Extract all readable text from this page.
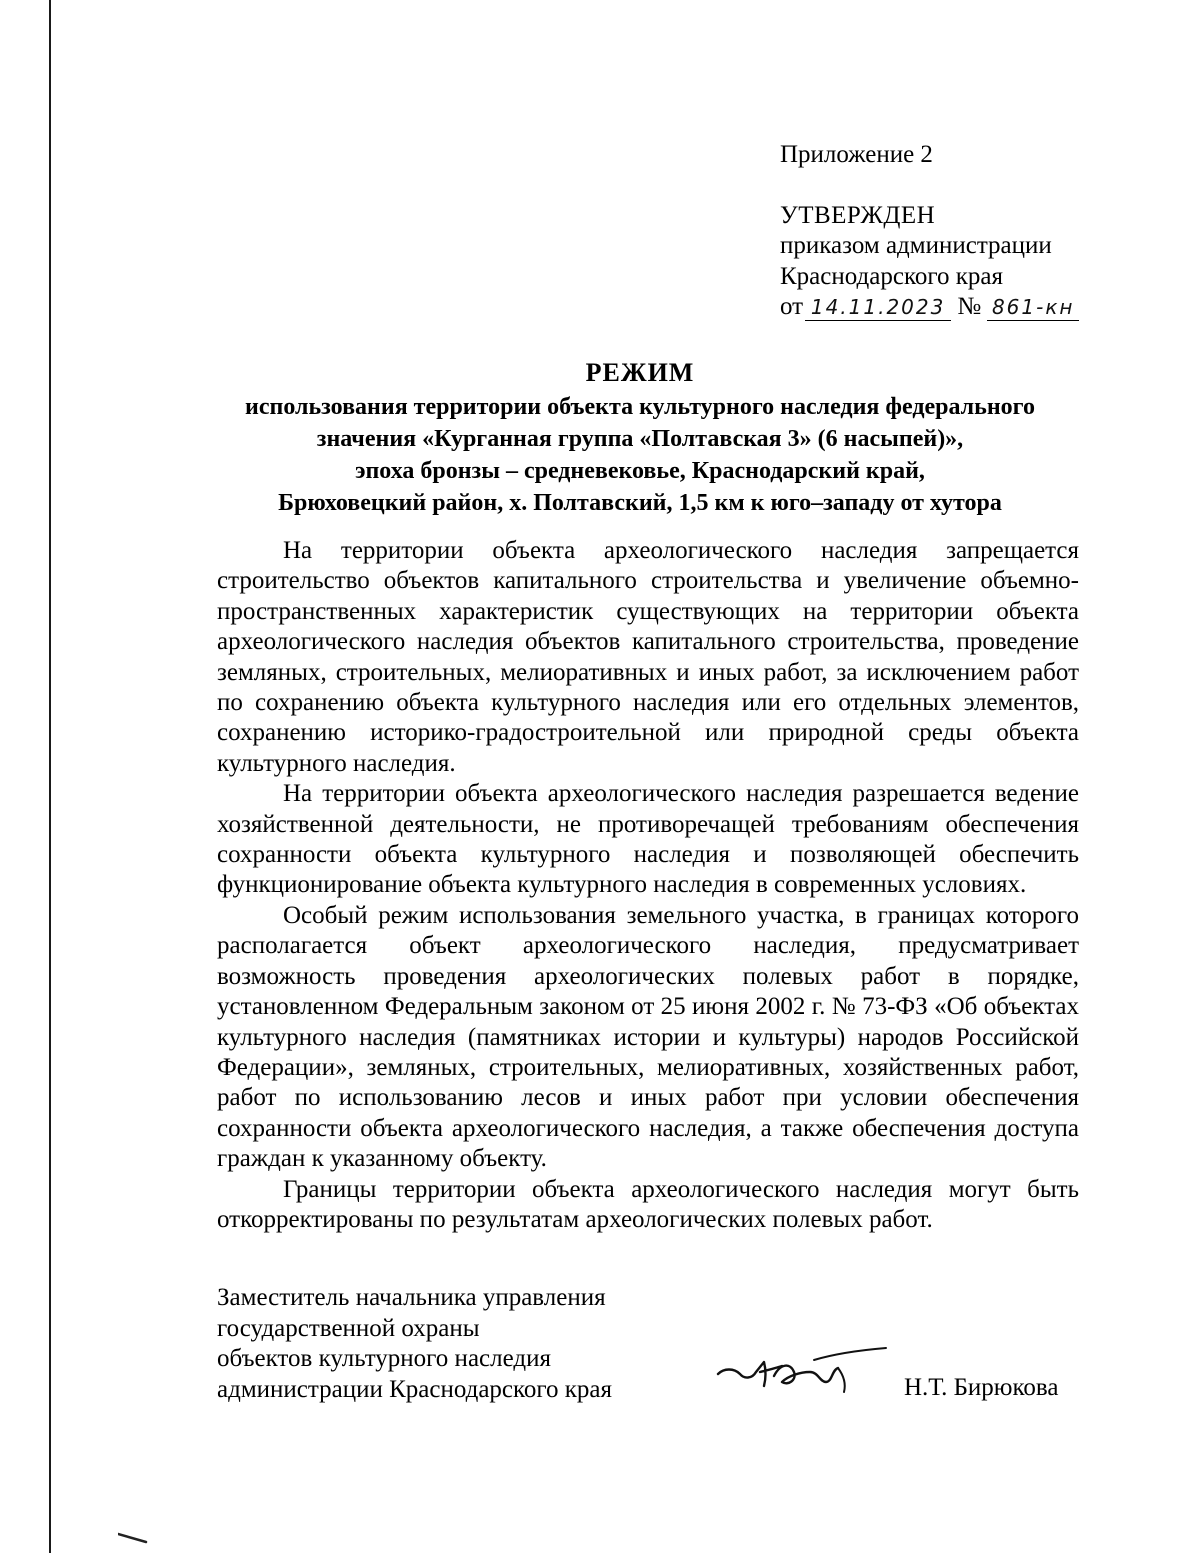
Приложение 2
УТВЕРЖДЕН
приказом администрации
Краснодарского края
от 14.11.2023 № 861-кн
РЕЖИМ
использования территории объекта культурного наследия федерального
значения «Курганная группа «Полтавская 3» (6 насыпей)»,
эпоха бронзы – средневековье, Краснодарский край,
Брюховецкий район, х. Полтавский, 1,5 км к юго–западу от хутора

На территории объекта археологического наследия запрещается строительство объектов капитального строительства и увеличение объемно-пространственных характеристик существующих на территории объекта археологического наследия объектов капитального строительства, проведение земляных, строительных, мелиоративных и иных работ, за исключением работ по сохранению объекта культурного наследия или его отдельных элементов, сохранению историко-градостроительной или природной среды объекта культурного наследия.

На территории объекта археологического наследия разрешается ведение хозяйственной деятельности, не противоречащей требованиям обеспечения сохранности объекта культурного наследия и позволяющей обеспечить функционирование объекта культурного наследия в современных условиях.

Особый режим использования земельного участка, в границах которого располагается объект археологического наследия, предусматривает возможность проведения археологических полевых работ в порядке, установленном Федеральным законом от 25 июня 2002 г. № 73-ФЗ «Об объектах культурного наследия (памятниках истории и культуры) народов Российской Федерации», земляных, строительных, мелиоративных, хозяйственных работ, работ по использованию лесов и иных работ при условии обеспечения сохранности объекта археологического наследия, а также обеспечения доступа граждан к указанному объекту.

Границы территории объекта археологического наследия могут быть откорректированы по результатам археологических полевых работ.

Заместитель начальника управления
государственной охраны
объектов культурного наследия
администрации Краснодарского края	Н.Т. Бирюкова
